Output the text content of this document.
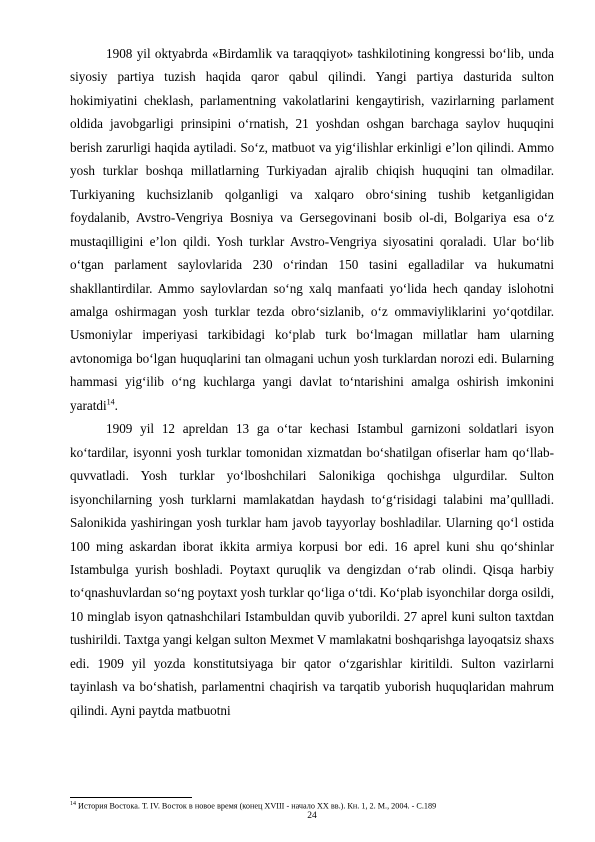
1908 yil oktyabrda «Birdamlik va taraqqiyot» tashkilotining kongressi bo‘lib, unda siyosiy partiya tuzish haqida qaror qabul qilindi. Yangi partiya dasturida sulton hokimiyatini cheklash, parlamentning vakolatlarini kengaytirish, vazirlarning parlament oldida javobgarligi prinsipini o‘rnatish, 21 yoshdan oshgan barchaga saylov huquqini berish zarurligi haqida aytiladi. So‘z, matbuot va yig‘ilishlar erkinligi e’lon qilindi. Ammo yosh turklar boshqa millatlarning Turkiyadan ajralib chiqish huquqini tan olmadilar. Turkiyaning kuchsizlanib qolganligi va xalqaro obro‘sining tushib ketganligidan foydalanib, Avstro-Vengriya Bosniya va Gersegovinani bosib ol-di, Bolgariya esa o‘z mustaqilligini e’lon qildi. Yosh turklar Avstro-Vengriya siyosatini qoraladi. Ular bo‘lib o‘tgan parlament saylovlarida 230 o‘rindan 150 tasini egalladilar va hukumatni shakllantirdilar. Ammo saylovlardan so‘ng xalq manfaati yo‘lida hech qanday islohotni amalga oshirmagan yosh turklar tezda obro‘sizlanib, o‘z ommaviyliklarini yo‘qotdilar. Usmoniylar imperiyasi tarkibidagi ko‘plab turk bo‘lmagan millatlar ham ularning avtonomiga bo‘lgan huquqlarini tan olmagani uchun yosh turklardan norozi edi. Bularning hammasi yig‘ilib o‘ng kuchlarga yangi davlat to‘ntarishini amalga oshirish imkonini yaratdi$^{14}$.

1909 yil 12 apreldan 13 ga o‘tar kechasi Istambul garnizoni soldatlari isyon ko‘tardilar, isyonni yosh turklar tomonidan xizmatdan bo‘shatilgan ofiserlar ham qo‘llab-quvvatladi. Yosh turklar yo‘lboshchilari Salonikiga qochishga ulgurdilar. Sulton isyonchilarning yosh turklarni mamlakatdan haydash to‘g‘risidagi talabini ma’qullladi. Salonikida yashiringan yosh turklar ham javob tayyorlay boshladilar. Ularning qo‘l ostida 100 ming askardan iborat ikkita armiya korpusi bor edi. 16 aprel kuni shu qo‘shinlar Istambulga yurish boshladi. Poytaxt quruqlik va dengizdan o‘rab olindi. Qisqa harbiy to‘qnashuvlardan so‘ng poytaxt yosh turklar qo‘liga o‘tdi. Ko‘plab isyonchilar dorga osildi, 10 minglab isyon qatnashchilari Istambuldan quvib yuborildi. 27 aprel kuni sulton taxtdan tushirildi. Taxtga yangi kelgan sulton Mexmet V mamlakatni boshqarishga layoqatsiz shaxs edi. 1909 yil yozda konstitutsiyaga bir qator o‘zgarishlar kiritildi. Sulton vazirlarni tayinlash va bo‘shatish, parlamentni chaqirish va tarqatib yuborish huquqlaridan mahrum qilindi. Ayni paytda matbuotni

$^{14}$ История Востока. Т. IV. Восток в новое время (конец XVIII - начало XX вв.). Кн. 1, 2. М., 2004. - С.189
24
